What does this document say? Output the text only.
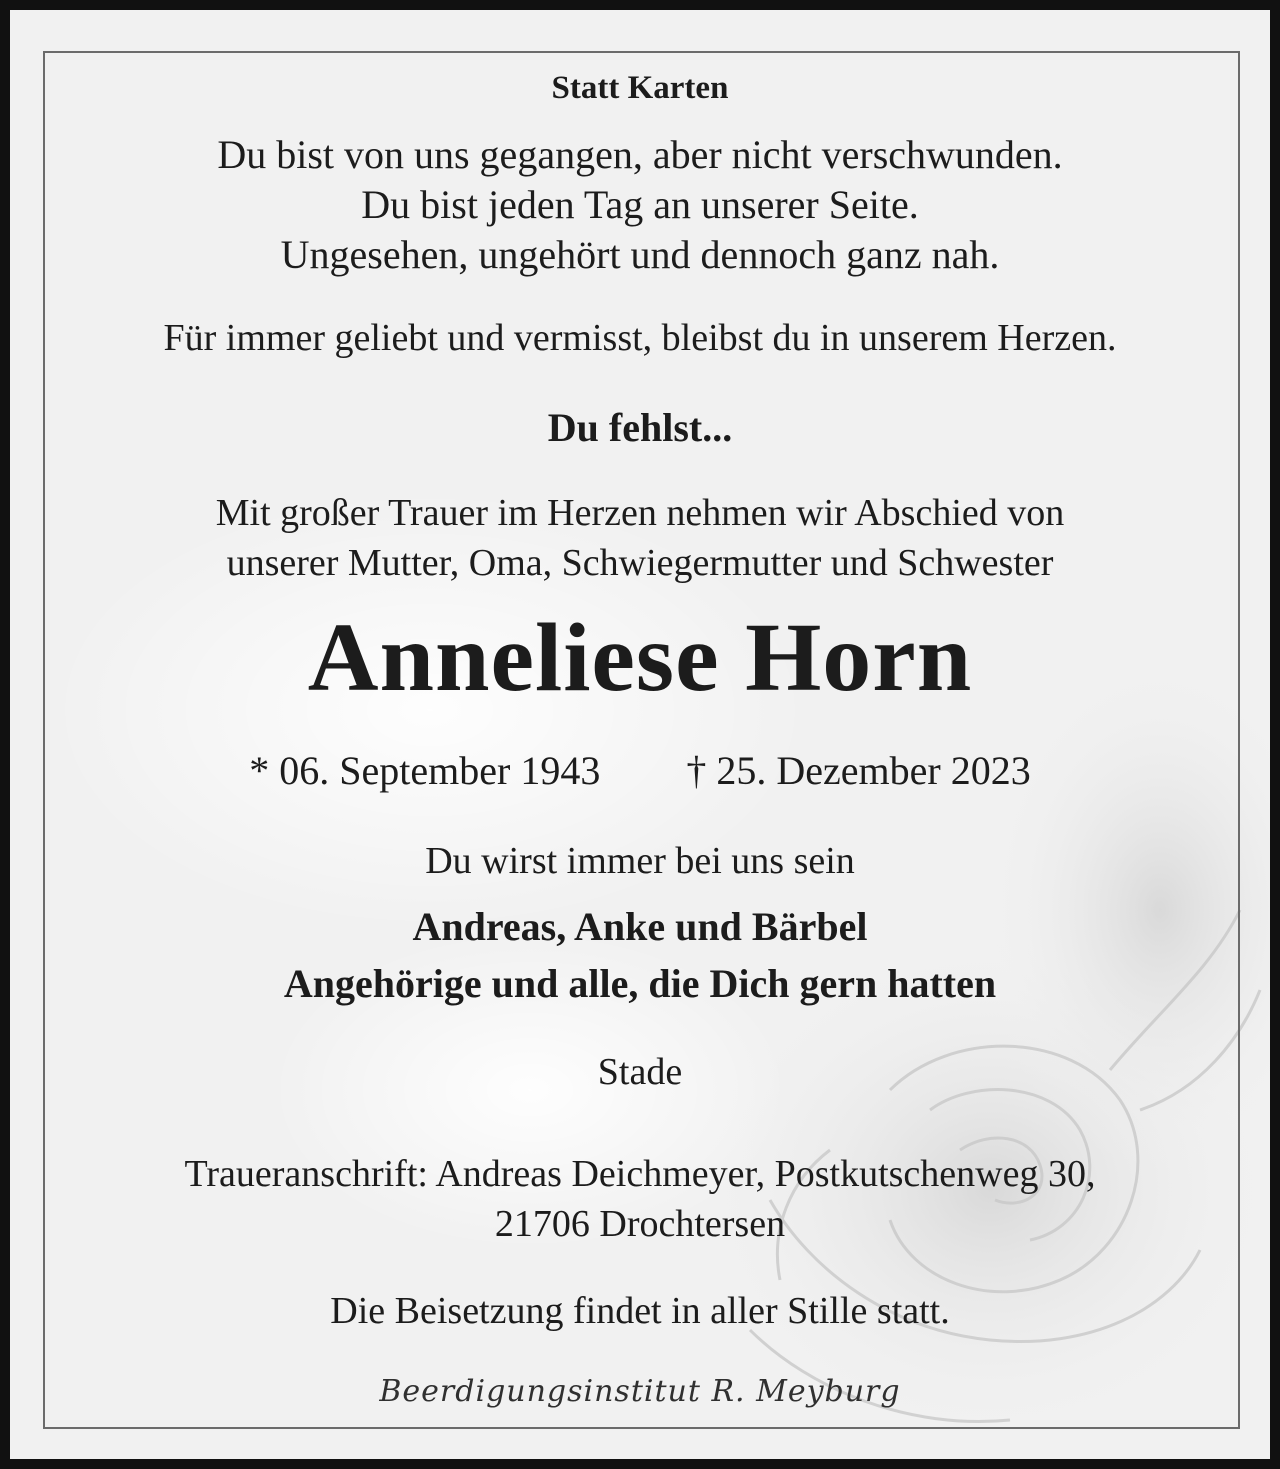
Statt Karten

Du bist von uns gegangen, aber nicht verschwunden.

Du bist jeden Tag an unserer Seite.

Ungesehen, ungehört und dennoch ganz nah.

Für immer geliebt und vermisst, bleibst du in unserem Herzen.

Du fehlst...

Mit großer Trauer im Herzen nehmen wir Abschied von

unserer Mutter, Oma, Schwiegermutter und Schwester

Anneliese Horn

* 06. September 1943 † 25. Dezember 2023

Du wirst immer bei uns sein

Andreas, Anke und Bärbel

Angehörige und alle, die Dich gern hatten

Stade

Traueranschrift: Andreas Deichmeyer, Postkutschenweg 30,

21706 Drochtersen

Die Beisetzung findet in aller Stille statt.

Beerdigungsinstitut R. Meyburg
